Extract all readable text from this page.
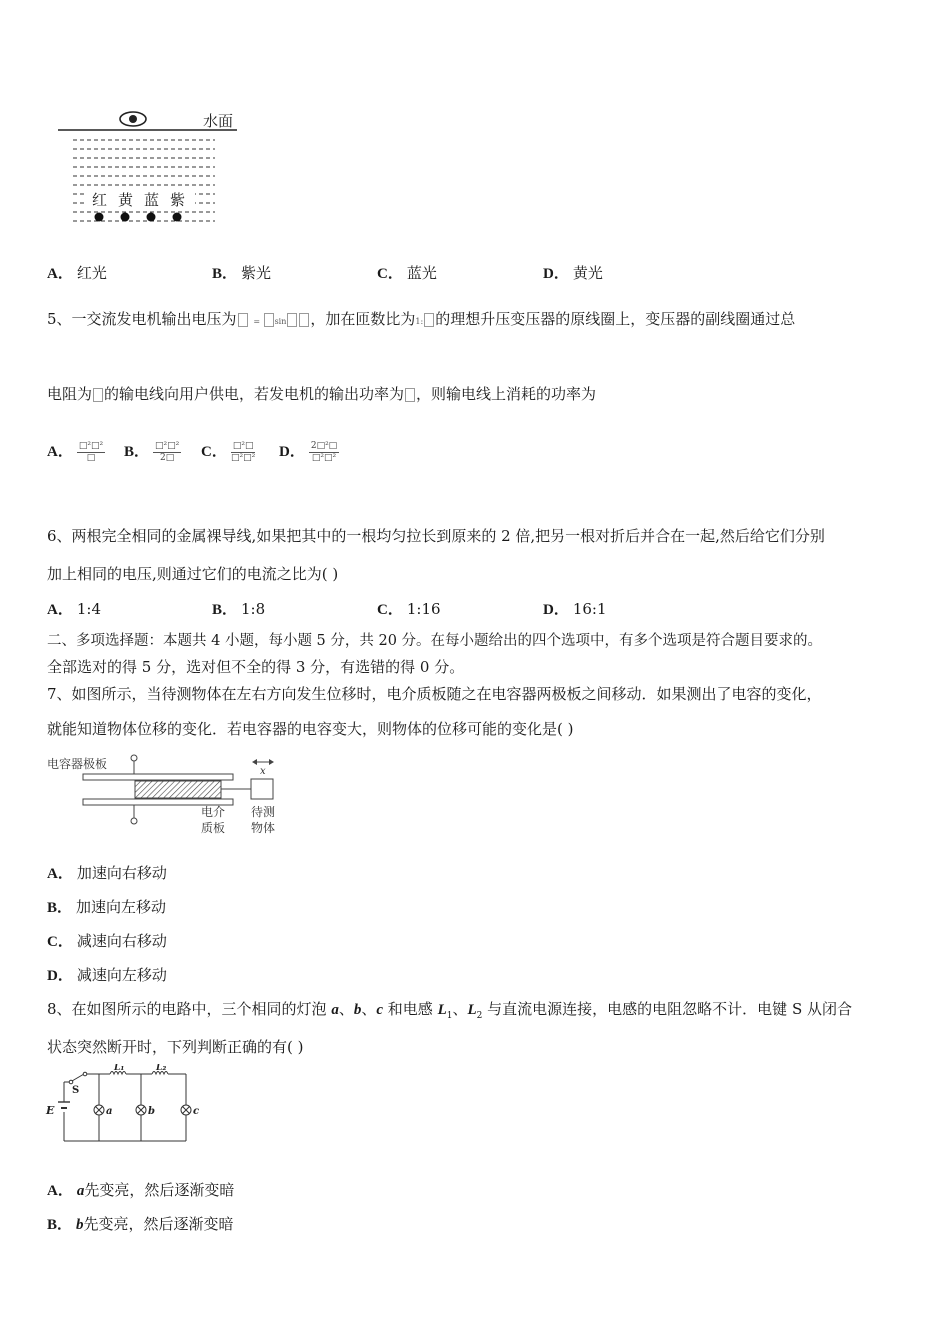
水面
红 黄 蓝 紫
A． 红光	B． 紫光	C． 蓝光	D． 黄光
5、一交流发电机输出电压为 = sin ，加在匝数比为1: 的理想升压变压器的原线圈上，变压器的副线圈通过总
电阻为 的输电线向用户供电，若发电机的输出功率为 ，则输电线上消耗的功率为
A． $\frac{\text{□²□²}}{□}$ B． $\frac{\text{□²□²}}{2□}$ C． $\frac{\text{□²□}}{\text{□²□²}}$ D． $\frac{\text{2□²□}}{\text{□²□²}}$
6、两根完全相同的金属裸导线,如果把其中的一根均匀拉长到原来的 2 倍,把另一根对折后并合在一起,然后给它们分别
加上相同的电压,则通过它们的电流之比为( )
A． 1:4	B． 1:8	C． 1:16	D． 16:1
二、多项选择题：本题共 4 小题，每小题 5 分，共 20 分。在每小题给出的四个选项中，有多个选项是符合题目要求的。
全部选对的得 5 分，选对但不全的得 3 分，有选错的得 0 分。
7、如图所示，当待测物体在左右方向发生位移时，电介质板随之在电容器两极板之间移动．如果测出了电容的变化，
就能知道物体位移的变化．若电容器的电容变大，则物体的位移可能的变化是( )
电容器极板
x
电介
质板
待测
物体
A． 加速向右移动
B． 加速向左移动
C． 减速向右移动
D． 减速向左移动
8、在如图所示的电路中，三个相同的灯泡 a、b、c 和电感 $L_1$、$L_2$ 与直流电源连接，电感的电阻忽略不计．电键 S 从闭合
状态突然断开时，下列判断正确的有( )
E
S
L₁	L₂
a	b	c
A． a先变亮，然后逐渐变暗
B． b先变亮，然后逐渐变暗
